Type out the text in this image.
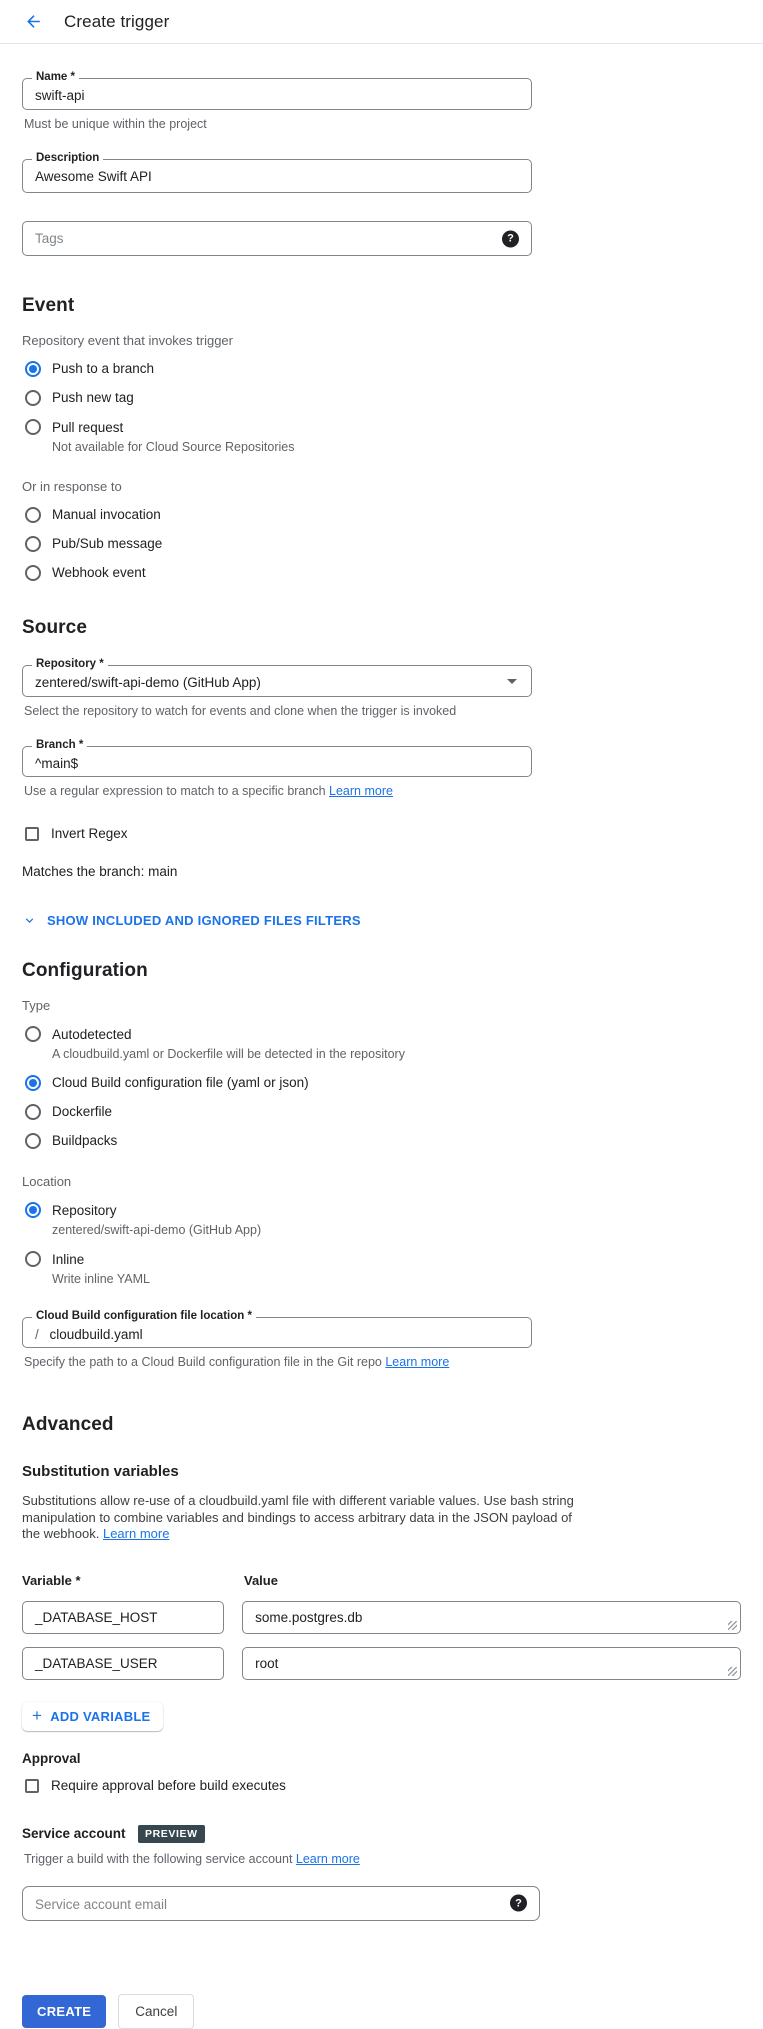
Create trigger
Name *
swift-api
Must be unique within the project
Description
Awesome Swift API
Tags	?
Event
Repository event that invokes trigger
Push to a branch
Push new tag
Pull request
Not available for Cloud Source Repositories
Or in response to
Manual invocation
Pub/Sub message
Webhook event
Source
Repository *
zentered/swift-api-demo (GitHub App)
Select the repository to watch for events and clone when the trigger is invoked
Branch *
^main$
Use a regular expression to match to a specific branch Learn more
Invert Regex
Matches the branch: main
SHOW INCLUDED AND IGNORED FILES FILTERS
Configuration
Type
Autodetected
A cloudbuild.yaml or Dockerfile will be detected in the repository
Cloud Build configuration file (yaml or json)
Dockerfile
Buildpacks
Location
Repository
zentered/swift-api-demo (GitHub App)
Inline
Write inline YAML
Cloud Build configuration file location *
/ cloudbuild.yaml
Specify the path to a Cloud Build configuration file in the Git repo Learn more
Advanced
Substitution variables
Substitutions allow re-use of a cloudbuild.yaml file with different variable values. Use bash string manipulation to combine variables and bindings to access arbitrary data in the JSON payload of the webhook. Learn more
Variable *	Value
_DATABASE_HOST	some.postgres.db
_DATABASE_USER	root
+ ADD VARIABLE
Approval
Require approval before build executes
Service account PREVIEW
Trigger a build with the following service account Learn more
Service account email	?
CREATE	Cancel
